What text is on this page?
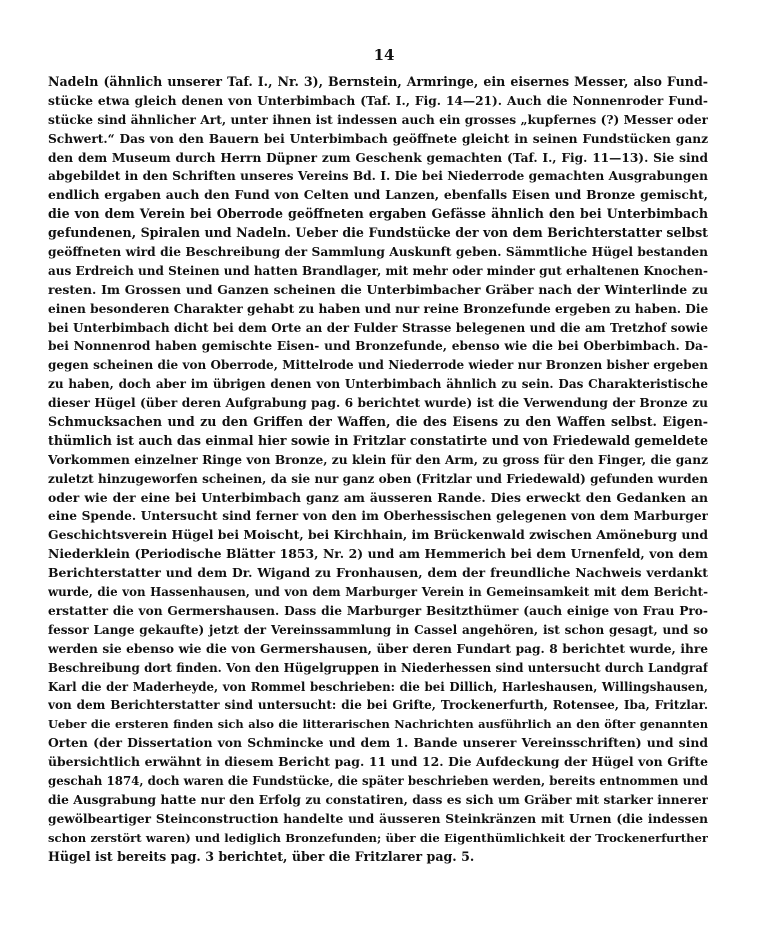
14
Nadeln (ähnlich unserer Taf. I., Nr. 3), Bernstein, Armringe, ein eisernes Messer, also Fund-
stücke etwa gleich denen von Unterbimbach (Taf. I., Fig. 14—21). Auch die Nonnenroder Fund-
stücke sind ähnlicher Art, unter ihnen ist indessen auch ein grosses „kupfernes (?) Messer oder
Schwert.“ Das von den Bauern bei Unterbimbach geöffnete gleicht in seinen Fundstücken ganz
den dem Museum durch Herrn Düpner zum Geschenk gemachten (Taf. I., Fig. 11—13). Sie sind
abgebildet in den Schriften unseres Vereins Bd. I. Die bei Niederrode gemachten Ausgrabungen
endlich ergaben auch den Fund von Celten und Lanzen, ebenfalls Eisen und Bronze gemischt,
die von dem Verein bei Oberrode geöffneten ergaben Gefässe ähnlich den bei Unterbimbach
gefundenen, Spiralen und Nadeln. Ueber die Fundstücke der von dem Berichterstatter selbst
geöffneten wird die Beschreibung der Sammlung Auskunft geben. Sämmtliche Hügel bestanden
aus Erdreich und Steinen und hatten Brandlager, mit mehr oder minder gut erhaltenen Knochen-
resten. Im Grossen und Ganzen scheinen die Unterbimbacher Gräber nach der Winterlinde zu
einen besonderen Charakter gehabt zu haben und nur reine Bronzefunde ergeben zu haben. Die
bei Unterbimbach dicht bei dem Orte an der Fulder Strasse belegenen und die am Tretzhof sowie
bei Nonnenrod haben gemischte Eisen- und Bronzefunde, ebenso wie die bei Oberbimbach. Da-
gegen scheinen die von Oberrode, Mittelrode und Niederrode wieder nur Bronzen bisher ergeben
zu haben, doch aber im übrigen denen von Unterbimbach ähnlich zu sein. Das Charakteristische
dieser Hügel (über deren Aufgrabung pag. 6 berichtet wurde) ist die Verwendung der Bronze zu
Schmucksachen und zu den Griffen der Waffen, die des Eisens zu den Waffen selbst. Eigen-
thümlich ist auch das einmal hier sowie in Fritzlar constatirte und von Friedewald gemeldete
Vorkommen einzelner Ringe von Bronze, zu klein für den Arm, zu gross für den Finger, die ganz
zuletzt hinzugeworfen scheinen, da sie nur ganz oben (Fritzlar und Friedewald) gefunden wurden
oder wie der eine bei Unterbimbach ganz am äusseren Rande. Dies erweckt den Gedanken an
eine Spende. Untersucht sind ferner von den im Oberhessischen gelegenen von dem Marburger
Geschichtsverein Hügel bei Moischt, bei Kirchhain, im Brückenwald zwischen Amöneburg und
Niederklein (Periodische Blätter 1853, Nr. 2) und am Hemmerich bei dem Urnenfeld, von dem
Berichterstatter und dem Dr. Wigand zu Fronhausen, dem der freundliche Nachweis verdankt
wurde, die von Hassenhausen, und von dem Marburger Verein in Gemeinsamkeit mit dem Bericht-
erstatter die von Germershausen. Dass die Marburger Besitzthümer (auch einige von Frau Pro-
fessor Lange gekaufte) jetzt der Vereinssammlung in Cassel angehören, ist schon gesagt, und so
werden sie ebenso wie die von Germershausen, über deren Fundart pag. 8 berichtet wurde, ihre
Beschreibung dort finden. Von den Hügelgruppen in Niederhessen sind untersucht durch Landgraf
Karl die der Maderheyde, von Rommel beschrieben: die bei Dillich, Harleshausen, Willingshausen,
von dem Berichterstatter sind untersucht: die bei Grifte, Trockenerfurth, Rotensee, Iba, Fritzlar.
Ueber die ersteren finden sich also die litterarischen Nachrichten ausführlich an den öfter genannten
Orten (der Dissertation von Schmincke und dem 1. Bande unserer Vereinsschriften) und sind
übersichtlich erwähnt in diesem Bericht pag. 11 und 12. Die Aufdeckung der Hügel von Grifte
geschah 1874, doch waren die Fundstücke, die später beschrieben werden, bereits entnommen und
die Ausgrabung hatte nur den Erfolg zu constatiren, dass es sich um Gräber mit starker innerer
gewölbeartiger Steinconstruction handelte und äusseren Steinkränzen mit Urnen (die indessen
schon zerstört waren) und lediglich Bronzefunden; über die Eigenthümlichkeit der Trockenerfurther
Hügel ist bereits pag. 3 berichtet, über die Fritzlarer pag. 5.
